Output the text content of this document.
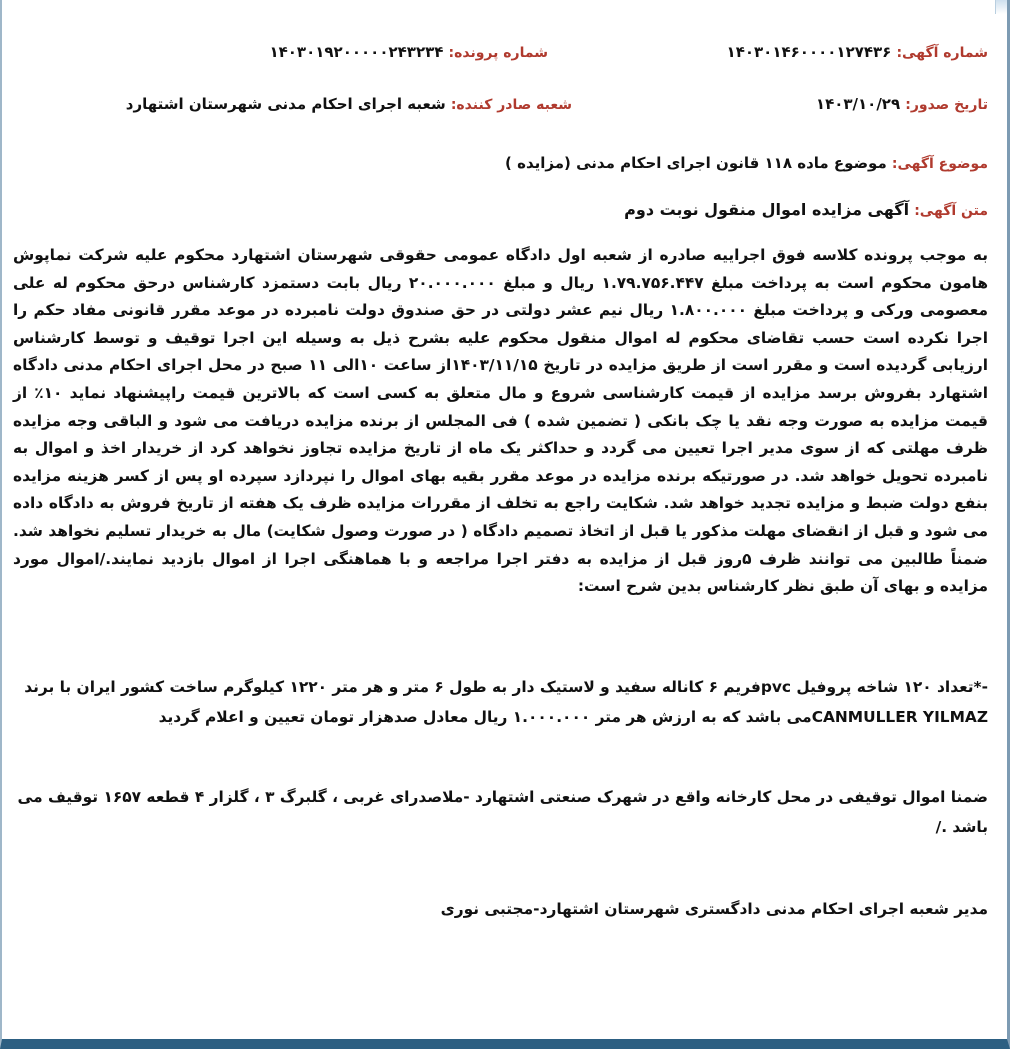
شماره آگهی: ۱۴۰۳۰۱۴۶۰۰۰۰۱۲۷۴۳۶
شماره پرونده: ۱۴۰۳۰۱۹۲۰۰۰۰۰۲۴۳۲۳۴
تاریخ صدور: ۱۴۰۳/۱۰/۲۹
شعبه صادر کننده: شعبه اجرای احکام مدنی شهرستان اشتهارد
موضوع آگهی: موضوع ماده ۱۱۸ قانون اجرای احکام مدنی (مزایده )
متن آگهی: آگهی مزایده اموال منقول نوبت دوم
به موجب پرونده کلاسه فوق اجراییه صادره از شعبه اول دادگاه عمومی حقوقی شهرستان اشتهارد محکوم علیه شرکت نماپوش هامون محکوم است به پرداخت مبلغ ۱.۷۹.۷۵۶.۴۴۷ ریال و مبلغ ۲۰.۰۰۰.۰۰۰ ریال بابت دستمزد کارشناس درحق محکوم له علی معصومی ورکی و پرداخت مبلغ ۱.۸۰۰.۰۰۰ ریال نیم عشر دولتی در حق صندوق دولت نامبرده در موعد مقرر قانونی مفاد حکم را اجرا نکرده است حسب تقاضای محکوم له اموال منقول محکوم علیه بشرح ذیل به وسیله این اجرا توقیف و توسط کارشناس ارزیابی گردیده است و مقرر است از طریق مزایده در تاریخ ۱۴۰۳/۱۱/۱۵از ساعت ۱۰الی ۱۱ صبح در محل اجرای احکام مدنی دادگاه اشتهارد بفروش برسد مزایده از قیمت کارشناسی شروع و مال متعلق به کسی است که بالاترین قیمت راپیشنهاد نماید ۱۰٪ از قیمت مزایده به صورت وجه نقد یا چک بانکی ( تضمین شده ) فی المجلس از برنده مزایده دریافت می شود و الباقی وجه مزایده ظرف مهلتی که از سوی مدیر اجرا تعیین می گردد و حداکثر یک ماه از تاریخ مزایده تجاوز نخواهد کرد از خریدار اخذ و اموال به نامبرده تحویل خواهد شد. در صورتیکه برنده مزایده در موعد مقرر بقیه بهای اموال را نپردازد سپرده او پس از کسر هزینه مزایده بنفع دولت ضبط و مزایده تجدید خواهد شد. شکایت راجع به تخلف از مقررات مزایده ظرف یک هفته از تاریخ فروش به دادگاه داده می شود و قبل از انقضای مهلت مذکور یا قبل از اتخاذ تصمیم دادگاه ( در صورت وصول شکایت) مال به خریدار تسلیم نخواهد شد. ضمناً طالبین می توانند ظرف ۵روز قبل از مزایده به دفتر اجرا مراجعه و با هماهنگی اجرا از اموال بازدید نمایند./اموال مورد مزایده و بهای آن طبق نظر کارشناس بدین شرح است:
-*تعداد ۱۲۰ شاخه پروفیل pvcفریم ۶ کاناله سفید و لاستیک دار به طول ۶ متر و هر متر ۱۲۲۰ کیلوگرم ساخت کشور ایران با برند CANMULLER YILMAZمی باشد که به ارزش هر متر ۱.۰۰۰.۰۰۰ ریال معادل صدهزار تومان تعیین و اعلام گردید
ضمنا اموال توقیفی در محل کارخانه واقع در شهرک صنعتی اشتهارد -ملاصدرای غربی ، گلبرگ ۳ ، گلزار ۴ قطعه ۱۶۵۷ توقیف می باشد ./
مدیر شعبه اجرای احکام مدنی دادگستری شهرستان اشتهارد-مجتبی نوری
